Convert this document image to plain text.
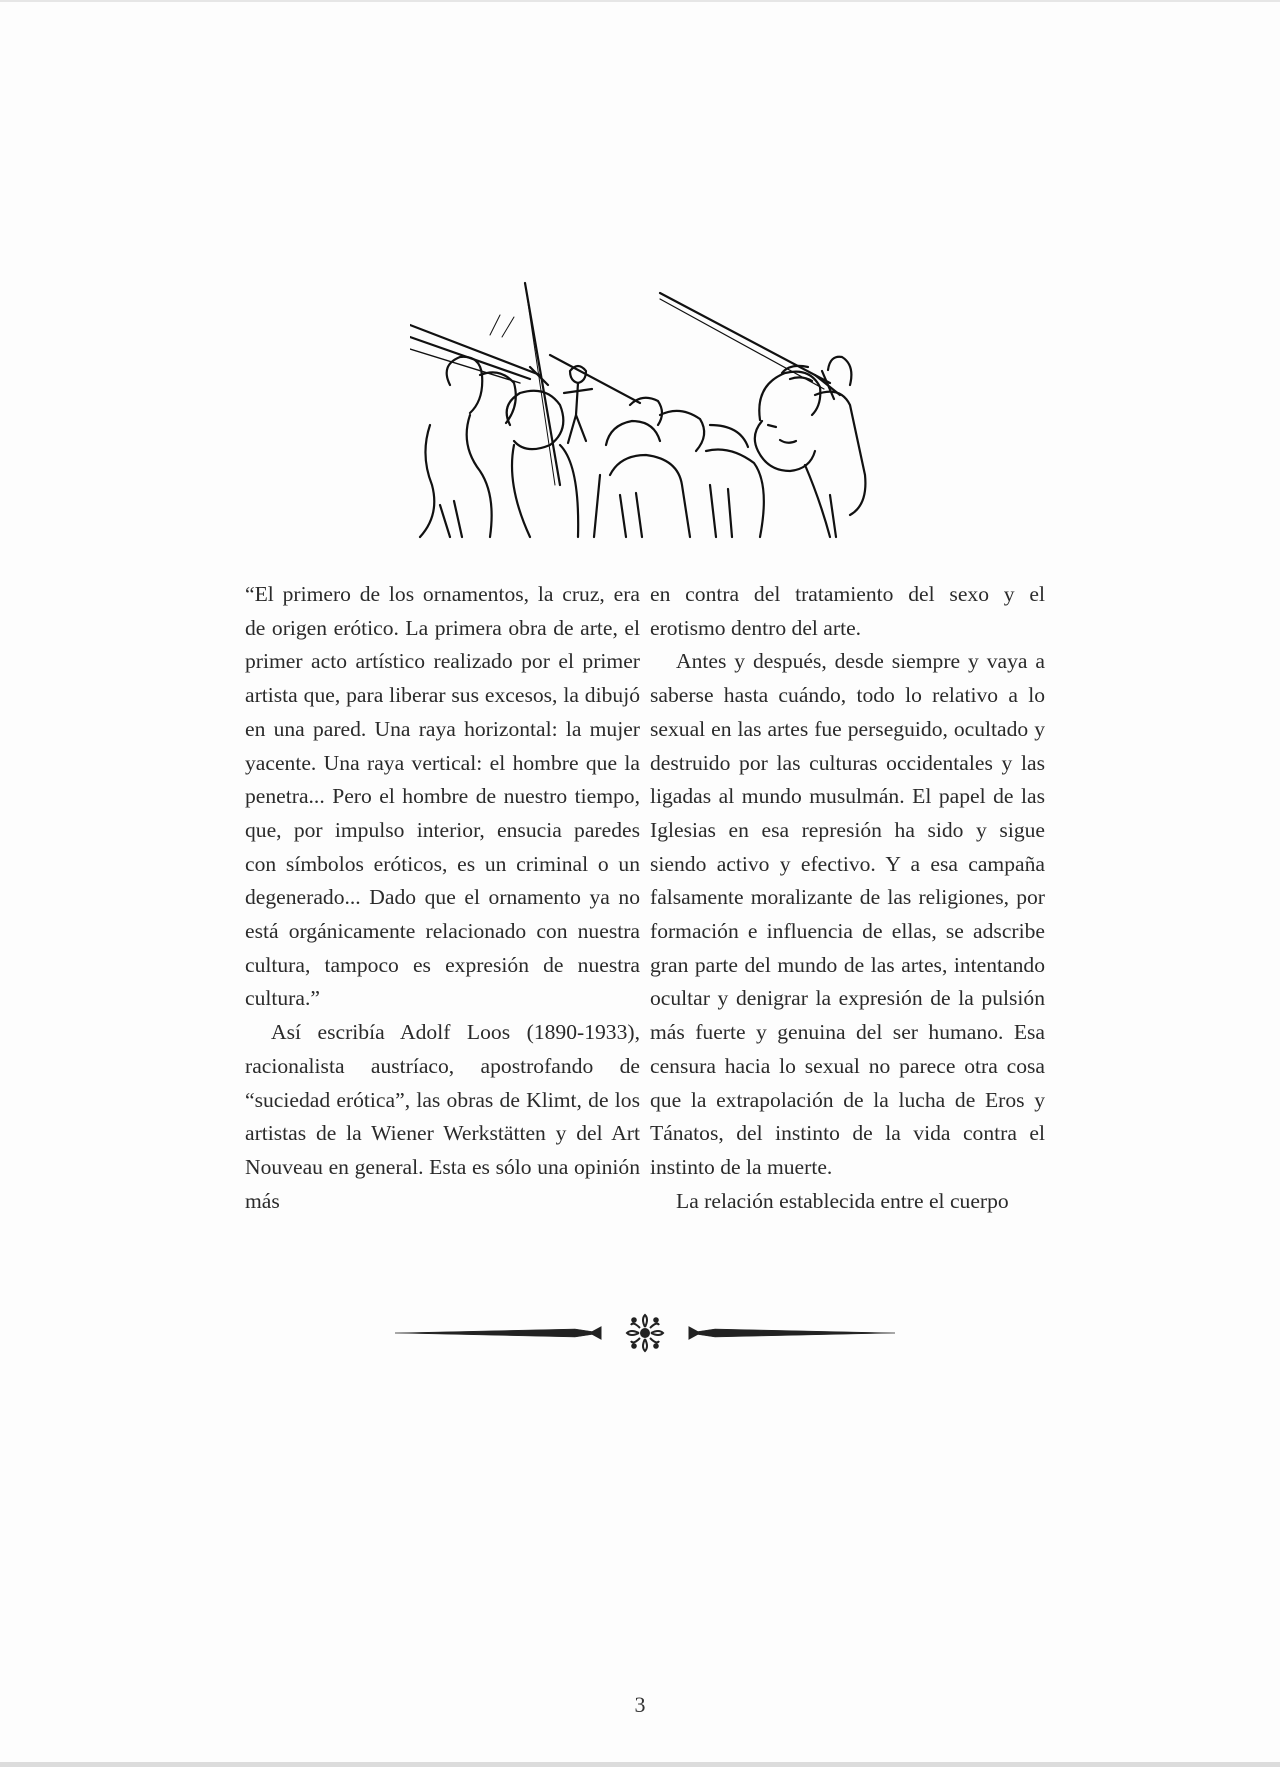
“El primero de los ornamentos, la cruz, era de origen erótico. La primera obra de arte, el primer acto artístico realizado por el primer artista que, para liberar sus excesos, la dibujó en una pared. Una raya horizontal: la mujer yacente. Una raya vertical: el hombre que la penetra... Pero el hombre de nuestro tiempo, que, por impulso interior, ensucia paredes con símbolos eróticos, es un criminal o un degenerado... Dado que el ornamento ya no está orgánicamente relacionado con nuestra cultura, tampoco es expresión de nuestra cultura.”

Así escribía Adolf Loos (1890-1933), racionalista austríaco, apostrofando de “suciedad erótica”, las obras de Klimt, de los artistas de la Wiener Werkstätten y del Art Nouveau en general. Esta es sólo una opinión más

en contra del tratamiento del sexo y el erotismo dentro del arte.

Antes y después, desde siempre y vaya a saberse hasta cuándo, todo lo relativo a lo sexual en las artes fue perseguido, ocultado y destruido por las culturas occidentales y las ligadas al mundo musulmán. El papel de las Iglesias en esa represión ha sido y sigue siendo activo y efectivo. Y a esa campaña falsamente moralizante de las religiones, por formación e influencia de ellas, se adscribe gran parte del mundo de las artes, intentando ocultar y denigrar la expresión de la pulsión más fuerte y genuina del ser humano. Esa censura hacia lo sexual no parece otra cosa que la extrapolación de la lucha de Eros y Tánatos, del instinto de la vida contra el instinto de la muerte.

La relación establecida entre el cuerpo

3
